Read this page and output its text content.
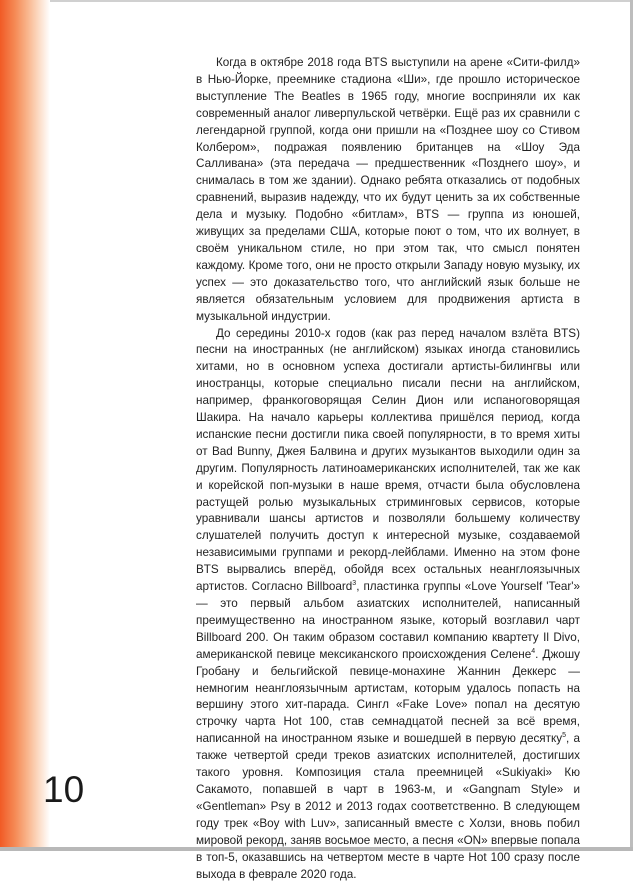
Когда в октябре 2018 года BTS выступили на арене «Сити-филд» в Нью-Йорке, преемнике стадиона «Ши», где прошло историческое выступление The Beatles в 1965 году, многие восприняли их как современный аналог ливерпульской четвёрки. Ещё раз их сравнили с легендарной группой, когда они пришли на «Позднее шоу со Стивом Колбером», подражая появлению британцев на «Шоу Эда Салливана» (эта передача — предшественник «Позднего шоу», и снималась в том же здании). Однако ребята отказались от подобных сравнений, выразив надежду, что их будут ценить за их собственные дела и музыку. Подобно «битлам», BTS — группа из юношей, живущих за пределами США, которые поют о том, что их волнует, в своём уникальном стиле, но при этом так, что смысл понятен каждому. Кроме того, они не просто открыли Западу новую музыку, их успех — это доказательство того, что английский язык больше не является обязательным условием для продвижения артиста в музыкальной индустрии.

До середины 2010-х годов (как раз перед началом взлёта BTS) песни на иностранных (не английском) языках иногда становились хитами, но в основном успеха достигали артисты-билингвы или иностранцы, которые специально писали песни на английском, например, франкоговорящая Селин Дион или испаноговорящая Шакира. На начало карьеры коллектива пришёлся период, когда испанские песни достигли пика своей популярности, в то время хиты от Bad Bunny, Джея Балвина и других музыкантов выходили один за другим. Популярность латиноамериканских исполнителей, так же как и корейской поп-музыки в наше время, отчасти была обусловлена растущей ролью музыкальных стриминговых сервисов, которые уравнивали шансы артистов и позволяли большему количеству слушателей получить доступ к интересной музыке, создаваемой независимыми группами и рекорд-лейблами. Именно на этом фоне BTS вырвались вперёд, обойдя всех остальных неанглоязычных артистов. Согласно Billboard$^3$, пластинка группы «Love Yourself 'Tear'» — это первый альбом азиатских исполнителей, написанный преимущественно на иностранном языке, который возглавил чарт Billboard 200. Он таким образом составил компанию квартету Il Divo, американской певице мексиканского происхождения Селене$^4$. Джошу Гробану и бельгийской певице-монахине Жаннин Деккерс — немногим неанглоязычным артистам, которым удалось попасть на вершину этого хит-парада. Сингл «Fake Love» попал на десятую строчку чарта Hot 100, став семнадцатой песней за всё время, написанной на иностранном языке и вошедшей в первую десятку$^5$, а также четвертой среди треков азиатских исполнителей, достигших такого уровня. Композиция стала преемницей «Sukiyaki» Кю Сакамото, попавшей в чарт в 1963-м, и «Gangnam Style» и «Gentleman» Psy в 2012 и 2013 годах соответственно. В следующем году трек «Boy with Luv», записанный вместе с Холзи, вновь побил мировой рекорд, заняв восьмое место, а песня «ON» впервые попала в топ-5, оказавшись на четвертом месте в чарте Hot 100 сразу после выхода в феврале 2020 года.

10
